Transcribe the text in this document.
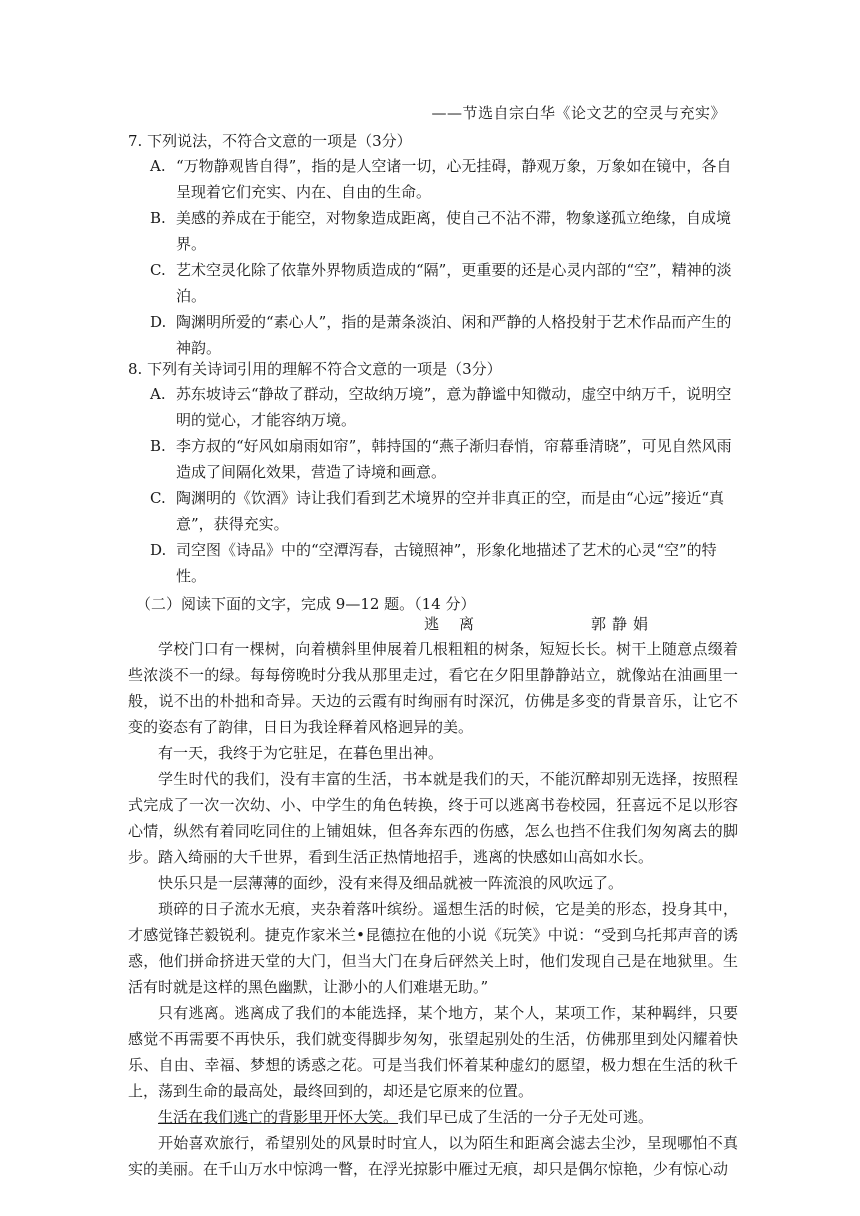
——节选自宗白华《论文艺的空灵与充实》
7. 下列说法，不符合文意的一项是（3分）
A. “万物静观皆自得”，指的是人空诸一切，心无挂碍，静观万象，万象如在镜中，各自呈现着它们充实、内在、自由的生命。
B. 美感的养成在于能空，对物象造成距离，使自己不沾不滞，物象遂孤立绝缘，自成境界。
C. 艺术空灵化除了依靠外界物质造成的“隔”，更重要的还是心灵内部的“空”，精神的淡泊。
D. 陶渊明所爱的“素心人”，指的是萧条淡泊、闲和严静的人格投射于艺术作品而产生的神韵。
8. 下列有关诗词引用的理解不符合文意的一项是（3分）
A. 苏东坡诗云“静故了群动，空故纳万境”，意为静谧中知微动，虚空中纳万千，说明空明的觉心，才能容纳万境。
B. 李方叔的“好风如扇雨如帘”，韩持国的“燕子渐归春悄，帘幕垂清晓”，可见自然风雨造成了间隔化效果，营造了诗境和画意。
C. 陶渊明的《饮酒》诗让我们看到艺术境界的空并非真正的空，而是由“心远”接近“真意”，获得充实。
D. 司空图《诗品》中的“空潭泻春，古镜照神”，形象化地描述了艺术的心灵“空”的特性。
（二）阅读下面的文字，完成 9—12 题。（14 分）
逃离	郭静娟

学校门口有一棵树，向着横斜里伸展着几根粗粗的树条，短短长长。树干上随意点缀着些浓淡不一的绿。每每傍晚时分我从那里走过，看它在夕阳里静静站立，就像站在油画里一般，说不出的朴拙和奇异。天边的云霞有时绚丽有时深沉，仿佛是多变的背景音乐，让它不变的姿态有了韵律，日日为我诠释着风格迥异的美。

有一天，我终于为它驻足，在暮色里出神。

学生时代的我们，没有丰富的生活，书本就是我们的天，不能沉醉却别无选择，按照程式完成了一次一次幼、小、中学生的角色转换，终于可以逃离书卷校园，狂喜远不足以形容心情，纵然有着同吃同住的上铺姐妹，但各奔东西的伤感，怎么也挡不住我们匆匆离去的脚步。踏入绮丽的大千世界，看到生活正热情地招手，逃离的快感如山高如水长。

快乐只是一层薄薄的面纱，没有来得及细品就被一阵流浪的风吹远了。

琐碎的日子流水无痕，夹杂着落叶缤纷。遥想生活的时候，它是美的形态，投身其中，才感觉锋芒毅锐利。捷克作家米兰•昆德拉在他的小说《玩笑》中说：“受到乌托邦声音的诱惑，他们拼命挤进天堂的大门，但当大门在身后砰然关上时，他们发现自己是在地狱里。生活有时就是这样的黑色幽默，让渺小的人们难堪无助。”

只有逃离。逃离成了我们的本能选择，某个地方，某个人，某项工作，某种羁绊，只要感觉不再需要不再快乐，我们就变得脚步匆匆，张望起别处的生活，仿佛那里到处闪耀着快乐、自由、幸福、梦想的诱惑之花。可是当我们怀着某种虚幻的愿望，极力想在生活的秋千上，荡到生命的最高处，最终回到的，却还是它原来的位置。

生活在我们逃亡的背影里开怀大笑。我们早已成了生活的一分子无处可逃。

开始喜欢旅行，希望别处的风景时时宜人，以为陌生和距离会滤去尘沙，呈现哪怕不真实的美丽。在千山万水中惊鸿一瞥，在浮光掠影中雁过无痕，却只是偶尔惊艳，少有惊心动
